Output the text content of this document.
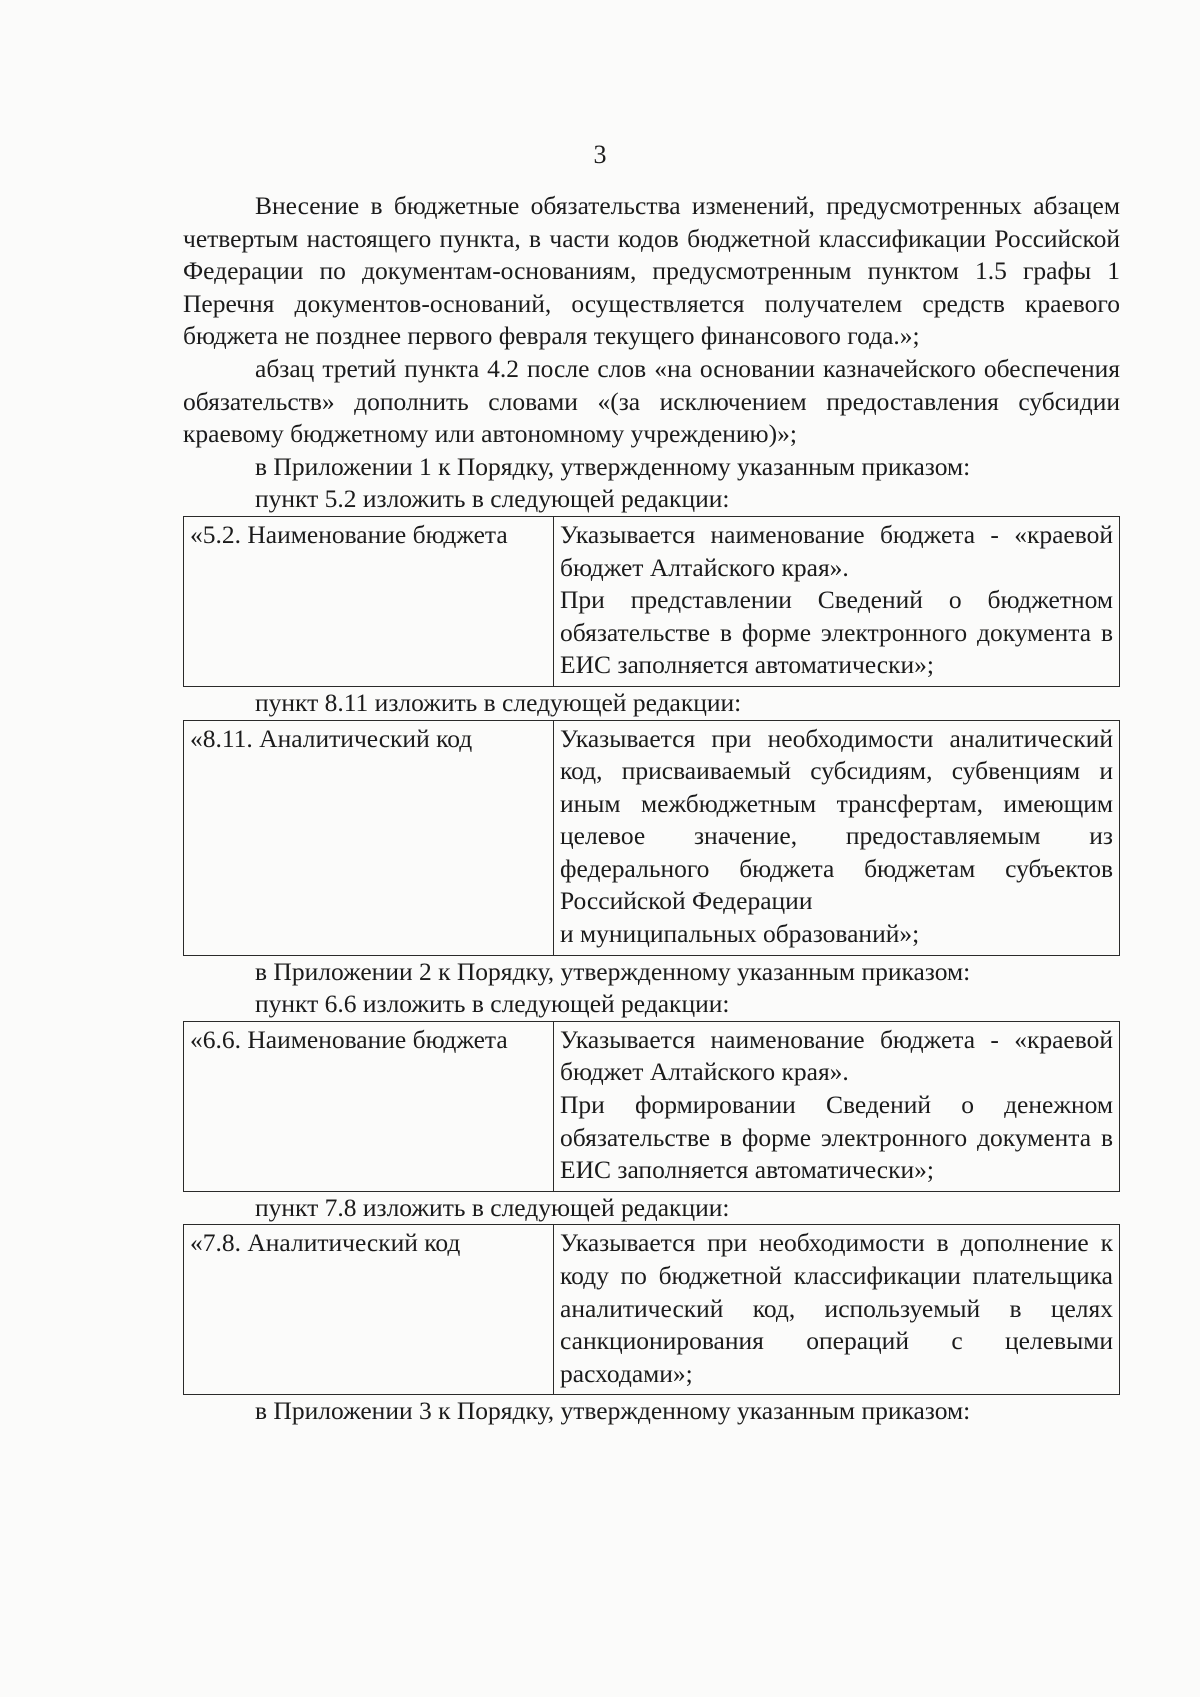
3

Внесение в бюджетные обязательства изменений, предусмотренных абзацем четвертым настоящего пункта, в части кодов бюджетной классификации Российской Федерации по документам-основаниям, предусмотренным пунктом 1.5 графы 1 Перечня документов-оснований, осуществляется получателем средств краевого бюджета не позднее первого февраля текущего финансового года.»;

абзац третий пункта 4.2 после слов «на основании казначейского обеспечения обязательств» дополнить словами «(за исключением предоставления субсидии краевому бюджетному или автономному учреждению)»;

в Приложении 1 к Порядку, утвержденному указанным приказом:

пункт 5.2 изложить в следующей редакции:

«5.2. Наименование бюджета	Указывается наименование бюджета - «краевой бюджет Алтайского края».
При представлении Сведений о бюджетном обязательстве в форме электронного документа в ЕИС заполняется автоматически»;

пункт 8.11 изложить в следующей редакции:

«8.11. Аналитический код	Указывается при необходимости аналитический код, присваиваемый субсидиям, субвенциям и иным межбюджетным трансфертам, имеющим целевое значение, предоставляемым из федерального бюджета бюджетам субъектов Российской Федерации
и муниципальных образований»;

в Приложении 2 к Порядку, утвержденному указанным приказом:

пункт 6.6 изложить в следующей редакции:

«6.6. Наименование бюджета	Указывается наименование бюджета - «краевой бюджет Алтайского края».
При формировании Сведений о денежном обязательстве в форме электронного документа в ЕИС заполняется автоматически»;

пункт 7.8 изложить в следующей редакции:

«7.8. Аналитический код	Указывается при необходимости в дополнение к коду по бюджетной классификации плательщика аналитический код, используемый в целях санкционирования операций с целевыми расходами»;

в Приложении 3 к Порядку, утвержденному указанным приказом:
